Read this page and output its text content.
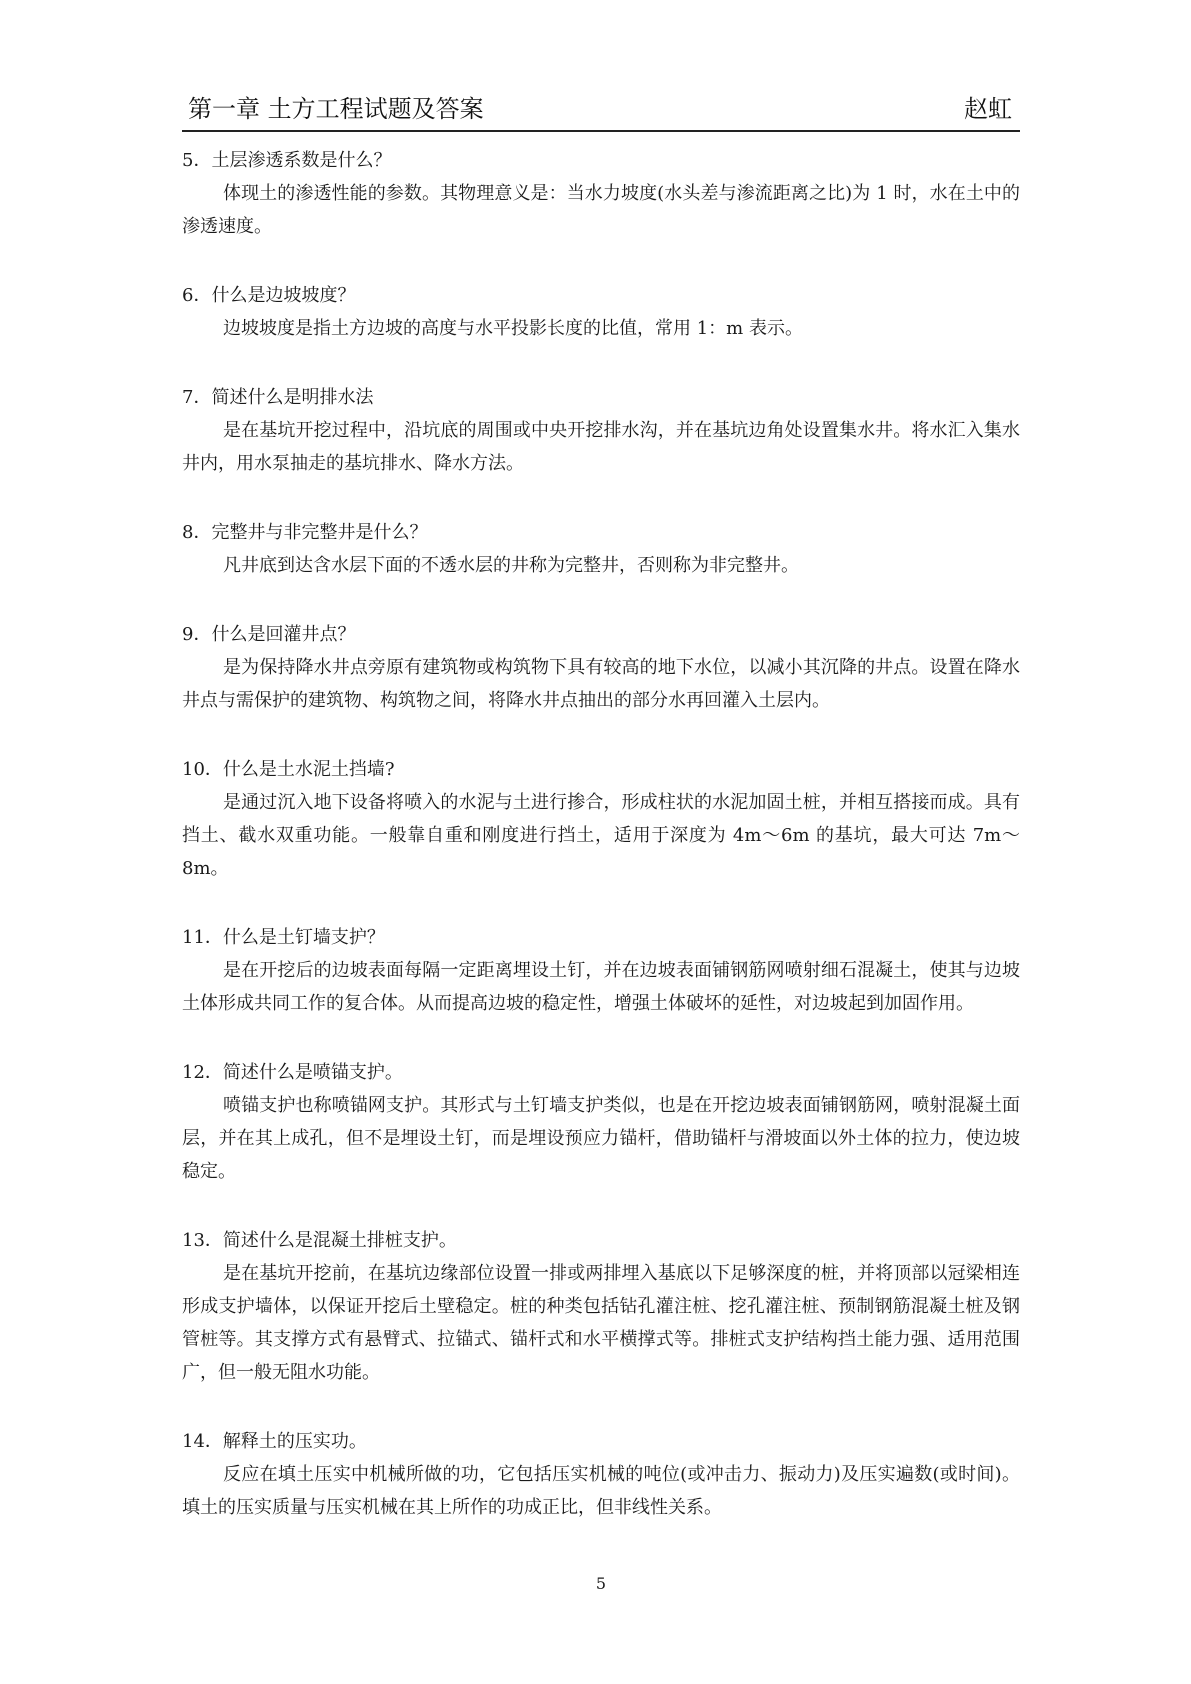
第一章 土方工程试题及答案	赵虹

5．土层渗透系数是什么？

体现土的渗透性能的参数。其物理意义是：当水力坡度(水头差与渗流距离之比)为 1 时，水在土中的渗透速度。

6．什么是边坡坡度？

边坡坡度是指土方边坡的高度与水平投影长度的比值，常用 1：m 表示。

7．简述什么是明排水法

是在基坑开挖过程中，沿坑底的周围或中央开挖排水沟，并在基坑边角处设置集水井。将水汇入集水井内，用水泵抽走的基坑排水、降水方法。

8．完整井与非完整井是什么？

凡井底到达含水层下面的不透水层的井称为完整井，否则称为非完整井。

9．什么是回灌井点？

是为保持降水井点旁原有建筑物或构筑物下具有较高的地下水位，以减小其沉降的井点。设置在降水井点与需保护的建筑物、构筑物之间，将降水井点抽出的部分水再回灌入土层内。

10．什么是土水泥土挡墙?

是通过沉入地下设备将喷入的水泥与土进行掺合，形成柱状的水泥加固土桩，并相互搭接而成。具有挡土、截水双重功能。一般靠自重和刚度进行挡土，适用于深度为 4m～6m 的基坑，最大可达 7m～8m。

11．什么是土钉墙支护？

是在开挖后的边坡表面每隔一定距离埋设土钉，并在边坡表面铺钢筋网喷射细石混凝土，使其与边坡土体形成共同工作的复合体。从而提高边坡的稳定性，增强土体破坏的延性，对边坡起到加固作用。

12．简述什么是喷锚支护。

喷锚支护也称喷锚网支护。其形式与土钉墙支护类似，也是在开挖边坡表面铺钢筋网，喷射混凝土面层，并在其上成孔，但不是埋设土钉，而是埋设预应力锚杆，借助锚杆与滑坡面以外土体的拉力，使边坡稳定。

13．简述什么是混凝土排桩支护。

是在基坑开挖前，在基坑边缘部位设置一排或两排埋入基底以下足够深度的桩，并将顶部以冠梁相连形成支护墙体，以保证开挖后土壁稳定。桩的种类包括钻孔灌注桩、挖孔灌注桩、预制钢筋混凝土桩及钢管桩等。其支撑方式有悬臂式、拉锚式、锚杆式和水平横撑式等。排桩式支护结构挡土能力强、适用范围广，但一般无阻水功能。

14．解释土的压实功。

反应在填土压实中机械所做的功，它包括压实机械的吨位(或冲击力、振动力)及压实遍数(或时间)。填土的压实质量与压实机械在其上所作的功成正比，但非线性关系。

5
